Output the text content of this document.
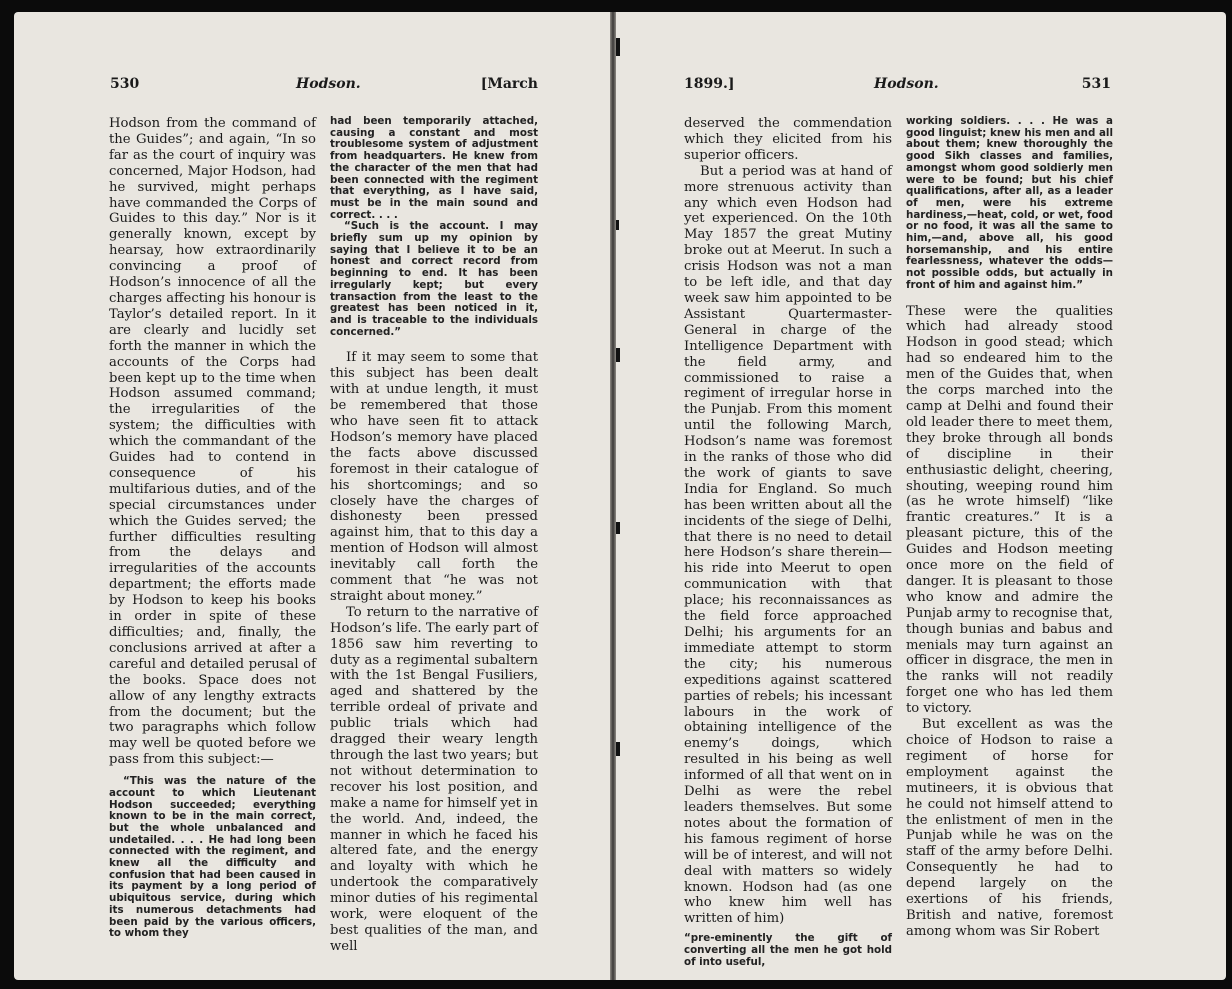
530	Hodson.	[March

Hodson from the command of the Guides”; and again, “In so far as the court of inquiry was concerned, Major Hodson, had he survived, might perhaps have commanded the Corps of Guides to this day.” Nor is it generally known, except by hearsay, how extraordinarily convincing a proof of Hodson’s innocence of all the charges affecting his honour is Taylor’s detailed report. In it are clearly and lucidly set forth the manner in which the accounts of the Corps had been kept up to the time when Hodson assumed command; the irregularities of the system; the difficulties with which the commandant of the Guides had to contend in consequence of his multifarious duties, and of the special circumstances under which the Guides served; the further difficulties resulting from the delays and irregularities of the accounts department; the efforts made by Hodson to keep his books in order in spite of these difficulties; and, finally, the conclusions arrived at after a careful and detailed perusal of the books. Space does not allow of any lengthy extracts from the document; but the two paragraphs which follow may well be quoted before we pass from this subject:—

“This was the nature of the account to which Lieutenant Hodson succeeded; everything known to be in the main correct, but the whole unbalanced and undetailed. . . . He had long been connected with the regiment, and knew all the difficulty and confusion that had been caused in its payment by a long period of ubiquitous service, during which its numerous detachments had been paid by the various officers, to whom they

had been temporarily attached, causing a constant and most troublesome system of adjustment from headquarters. He knew from the character of the men that had been connected with the regiment that everything, as I have said, must be in the main sound and correct. . . .

“Such is the account. I may briefly sum up my opinion by saying that I believe it to be an honest and correct record from beginning to end. It has been irregularly kept; but every transaction from the least to the greatest has been noticed in it, and is traceable to the individuals concerned.”

If it may seem to some that this subject has been dealt with at undue length, it must be remembered that those who have seen fit to attack Hodson’s memory have placed the facts above discussed foremost in their catalogue of his shortcomings; and so closely have the charges of dishonesty been pressed against him, that to this day a mention of Hodson will almost inevitably call forth the comment that “he was not straight about money.”

To return to the narrative of Hodson’s life. The early part of 1856 saw him reverting to duty as a regimental subaltern with the 1st Bengal Fusiliers, aged and shattered by the terrible ordeal of private and public trials which had dragged their weary length through the last two years; but not without determination to recover his lost position, and make a name for himself yet in the world. And, indeed, the manner in which he faced his altered fate, and the energy and loyalty with which he undertook the comparatively minor duties of his regimental work, were eloquent of the best qualities of the man, and well

1899.]	Hodson.	531

deserved the commendation which they elicited from his superior officers.

But a period was at hand of more strenuous activity than any which even Hodson had yet experienced. On the 10th May 1857 the great Mutiny broke out at Meerut. In such a crisis Hodson was not a man to be left idle, and that day week saw him appointed to be Assistant Quartermaster-General in charge of the Intelligence Department with the field army, and commissioned to raise a regiment of irregular horse in the Punjab. From this moment until the following March, Hodson’s name was foremost in the ranks of those who did the work of giants to save India for England. So much has been written about all the incidents of the siege of Delhi, that there is no need to detail here Hodson’s share therein—his ride into Meerut to open communication with that place; his reconnaissances as the field force approached Delhi; his arguments for an immediate attempt to storm the city; his numerous expeditions against scattered parties of rebels; his incessant labours in the work of obtaining intelligence of the enemy’s doings, which resulted in his being as well informed of all that went on in Delhi as were the rebel leaders themselves. But some notes about the formation of his famous regiment of horse will be of interest, and will not deal with matters so widely known. Hodson had (as one who knew him well has written of him)

“pre-eminently the gift of converting all the men he got hold of into useful,

working soldiers. . . . He was a good linguist; knew his men and all about them; knew thoroughly the good Sikh classes and families, amongst whom good soldierly men were to be found; but his chief qualifications, after all, as a leader of men, were his extreme hardiness,—heat, cold, or wet, food or no food, it was all the same to him,—and, above all, his good horsemanship, and his entire fearlessness, whatever the odds—not possible odds, but actually in front of him and against him.”

These were the qualities which had already stood Hodson in good stead; which had so endeared him to the men of the Guides that, when the corps marched into the camp at Delhi and found their old leader there to meet them, they broke through all bonds of discipline in their enthusiastic delight, cheering, shouting, weeping round him (as he wrote himself) “like frantic creatures.” It is a pleasant picture, this of the Guides and Hodson meeting once more on the field of danger. It is pleasant to those who know and admire the Punjab army to recognise that, though bunias and babus and menials may turn against an officer in disgrace, the men in the ranks will not readily forget one who has led them to victory.

But excellent as was the choice of Hodson to raise a regiment of horse for employment against the mutineers, it is obvious that he could not himself attend to the enlistment of men in the Punjab while he was on the staff of the army before Delhi. Consequently he had to depend largely on the exertions of his friends, British and native, foremost among whom was Sir Robert
